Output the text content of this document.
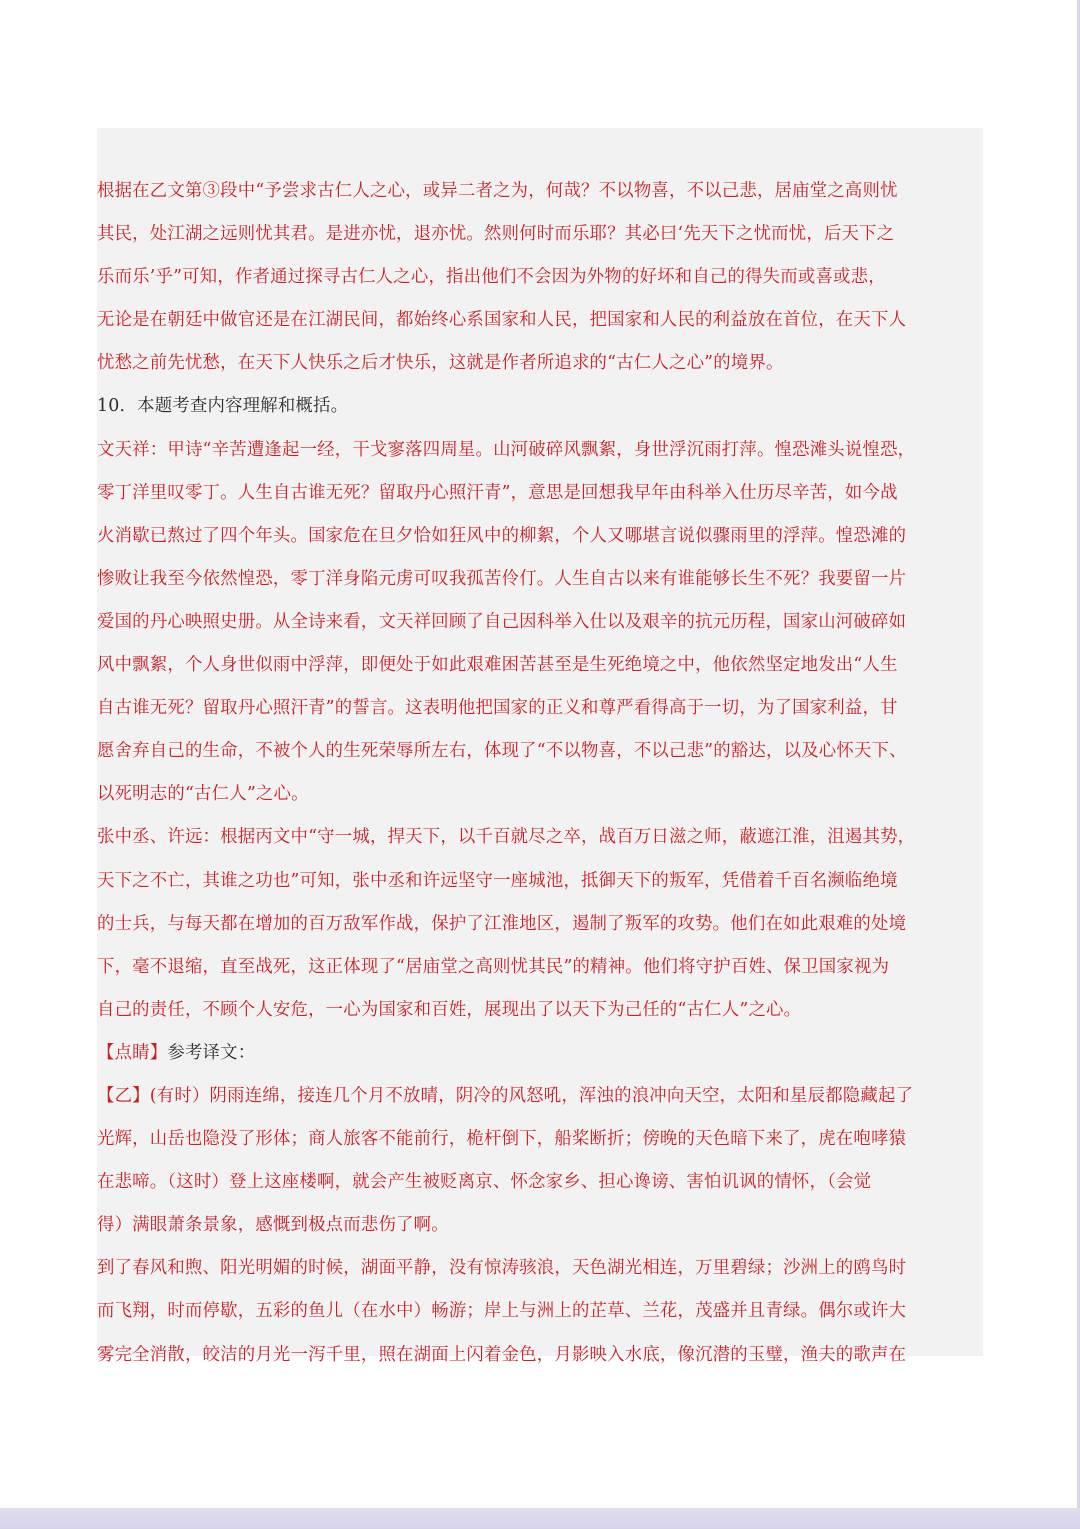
根据在乙文第③段中“予尝求古仁人之心，或异二者之为，何哉？不以物喜，不以己悲，居庙堂之高则忧
其民，处江湖之远则忧其君。是进亦忧，退亦忧。然则何时而乐耶？其必曰‘先天下之忧而忧，后天下之
乐而乐’乎”可知，作者通过探寻古仁人之心，指出他们不会因为外物的好坏和自己的得失而或喜或悲，
无论是在朝廷中做官还是在江湖民间，都始终心系国家和人民，把国家和人民的利益放在首位，在天下人
忧愁之前先忧愁，在天下人快乐之后才快乐，这就是作者所追求的“古仁人之心”的境界。
10．本题考查内容理解和概括。
文天祥：甲诗“辛苦遭逢起一经，干戈寥落四周星。山河破碎风飘絮，身世浮沉雨打萍。惶恐滩头说惶恐，
零丁洋里叹零丁。人生自古谁无死？留取丹心照汗青”，意思是回想我早年由科举入仕历尽辛苦，如今战
火消歇已熬过了四个年头。国家危在旦夕恰如狂风中的柳絮，个人又哪堪言说似骤雨里的浮萍。惶恐滩的
惨败让我至今依然惶恐，零丁洋身陷元虏可叹我孤苦伶仃。人生自古以来有谁能够长生不死？我要留一片
爱国的丹心映照史册。从全诗来看，文天祥回顾了自己因科举入仕以及艰辛的抗元历程，国家山河破碎如
风中飘絮，个人身世似雨中浮萍，即便处于如此艰难困苦甚至是生死绝境之中，他依然坚定地发出“人生
自古谁无死？留取丹心照汗青”的誓言。这表明他把国家的正义和尊严看得高于一切，为了国家利益，甘
愿舍弃自己的生命，不被个人的生死荣辱所左右，体现了“不以物喜，不以己悲”的豁达，以及心怀天下、
以死明志的“古仁人”之心。
张中丞、许远：根据丙文中“守一城，捍天下，以千百就尽之卒，战百万日滋之师，蔽遮江淮，沮遏其势，
天下之不亡，其谁之功也”可知，张中丞和许远坚守一座城池，抵御天下的叛军，凭借着千百名濒临绝境
的士兵，与每天都在增加的百万敌军作战，保护了江淮地区，遏制了叛军的攻势。他们在如此艰难的处境
下，毫不退缩，直至战死，这正体现了“居庙堂之高则忧其民”的精神。他们将守护百姓、保卫国家视为
自己的责任，不顾个人安危，一心为国家和百姓，展现出了以天下为己任的“古仁人”之心。
【点睛】参考译文：
【乙】(有时）阴雨连绵，接连几个月不放晴，阴冷的风怒吼，浑浊的浪冲向天空，太阳和星辰都隐藏起了
光辉，山岳也隐没了形体；商人旅客不能前行，桅杆倒下，船桨断折；傍晚的天色暗下来了，虎在咆哮猿
在悲啼。（这时）登上这座楼啊，就会产生被贬离京、怀念家乡、担心谗谤、害怕讥讽的情怀，（会觉
得）满眼萧条景象，感慨到极点而悲伤了啊。
到了春风和煦、阳光明媚的时候，湖面平静，没有惊涛骇浪，天色湖光相连，万里碧绿；沙洲上的鸥鸟时
而飞翔，时而停歇，五彩的鱼儿（在水中）畅游；岸上与洲上的芷草、兰花，茂盛并且青绿。偶尔或许大
雾完全消散，皎洁的月光一泻千里，照在湖面上闪着金色，月影映入水底，像沉潜的玉璧，渔夫的歌声在
